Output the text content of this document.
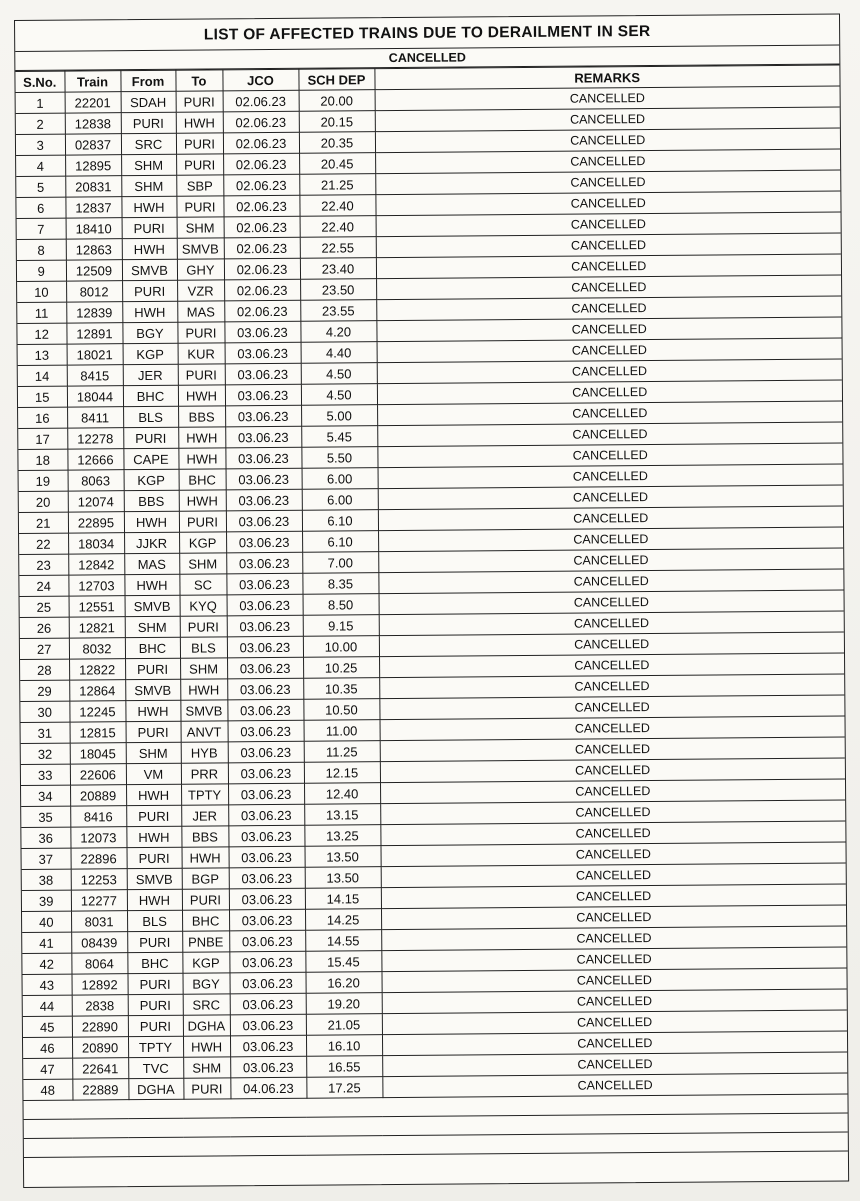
LIST OF AFFECTED TRAINS DUE TO DERAILMENT IN SER
CANCELLED
S.No.	Train	From	To	JCO	SCH DEP	REMARKS
1	22201	SDAH	PURI	02.06.23	20.00	CANCELLED
2	12838	PURI	HWH	02.06.23	20.15	CANCELLED
3	02837	SRC	PURI	02.06.23	20.35	CANCELLED
4	12895	SHM	PURI	02.06.23	20.45	CANCELLED
5	20831	SHM	SBP	02.06.23	21.25	CANCELLED
6	12837	HWH	PURI	02.06.23	22.40	CANCELLED
7	18410	PURI	SHM	02.06.23	22.40	CANCELLED
8	12863	HWH	SMVB	02.06.23	22.55	CANCELLED
9	12509	SMVB	GHY	02.06.23	23.40	CANCELLED
10	8012	PURI	VZR	02.06.23	23.50	CANCELLED
11	12839	HWH	MAS	02.06.23	23.55	CANCELLED
12	12891	BGY	PURI	03.06.23	4.20	CANCELLED
13	18021	KGP	KUR	03.06.23	4.40	CANCELLED
14	8415	JER	PURI	03.06.23	4.50	CANCELLED
15	18044	BHC	HWH	03.06.23	4.50	CANCELLED
16	8411	BLS	BBS	03.06.23	5.00	CANCELLED
17	12278	PURI	HWH	03.06.23	5.45	CANCELLED
18	12666	CAPE	HWH	03.06.23	5.50	CANCELLED
19	8063	KGP	BHC	03.06.23	6.00	CANCELLED
20	12074	BBS	HWH	03.06.23	6.00	CANCELLED
21	22895	HWH	PURI	03.06.23	6.10	CANCELLED
22	18034	JJKR	KGP	03.06.23	6.10	CANCELLED
23	12842	MAS	SHM	03.06.23	7.00	CANCELLED
24	12703	HWH	SC	03.06.23	8.35	CANCELLED
25	12551	SMVB	KYQ	03.06.23	8.50	CANCELLED
26	12821	SHM	PURI	03.06.23	9.15	CANCELLED
27	8032	BHC	BLS	03.06.23	10.00	CANCELLED
28	12822	PURI	SHM	03.06.23	10.25	CANCELLED
29	12864	SMVB	HWH	03.06.23	10.35	CANCELLED
30	12245	HWH	SMVB	03.06.23	10.50	CANCELLED
31	12815	PURI	ANVT	03.06.23	11.00	CANCELLED
32	18045	SHM	HYB	03.06.23	11.25	CANCELLED
33	22606	VM	PRR	03.06.23	12.15	CANCELLED
34	20889	HWH	TPTY	03.06.23	12.40	CANCELLED
35	8416	PURI	JER	03.06.23	13.15	CANCELLED
36	12073	HWH	BBS	03.06.23	13.25	CANCELLED
37	22896	PURI	HWH	03.06.23	13.50	CANCELLED
38	12253	SMVB	BGP	03.06.23	13.50	CANCELLED
39	12277	HWH	PURI	03.06.23	14.15	CANCELLED
40	8031	BLS	BHC	03.06.23	14.25	CANCELLED
41	08439	PURI	PNBE	03.06.23	14.55	CANCELLED
42	8064	BHC	KGP	03.06.23	15.45	CANCELLED
43	12892	PURI	BGY	03.06.23	16.20	CANCELLED
44	2838	PURI	SRC	03.06.23	19.20	CANCELLED
45	22890	PURI	DGHA	03.06.23	21.05	CANCELLED
46	20890	TPTY	HWH	03.06.23	16.10	CANCELLED
47	22641	TVC	SHM	03.06.23	16.55	CANCELLED
48	22889	DGHA	PURI	04.06.23	17.25	CANCELLED
